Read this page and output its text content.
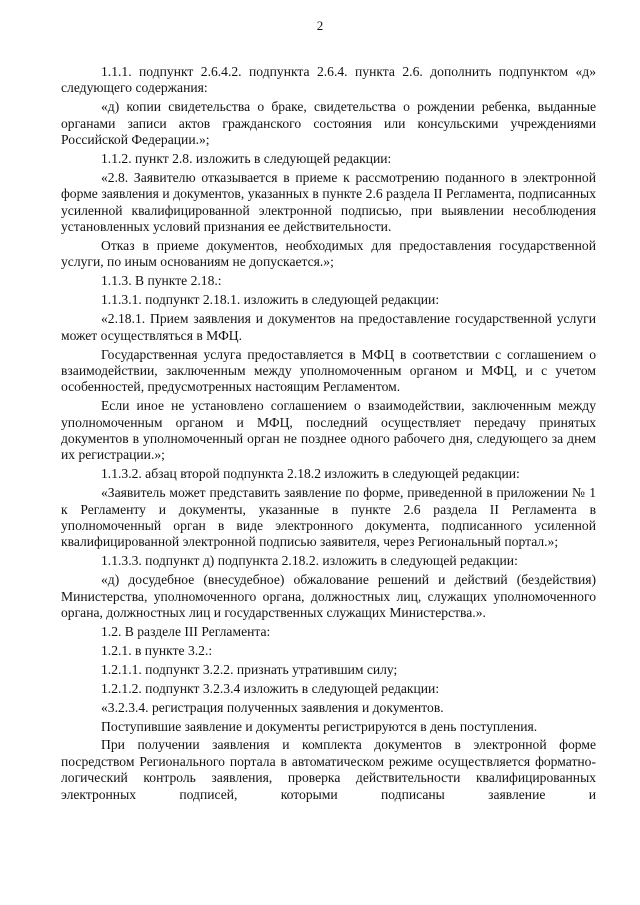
2

1.1.1. подпункт 2.6.4.2. подпункта 2.6.4. пункта 2.6. дополнить подпунктом «д» следующего содержания:

«д) копии свидетельства о браке, свидетельства о рождении ребенка, выданные органами записи актов гражданского состояния или консульскими учреждениями Российской Федерации.»;

1.1.2. пункт 2.8. изложить в следующей редакции:

«2.8. Заявителю отказывается в приеме к рассмотрению поданного в электронной форме заявления и документов, указанных в пункте 2.6 раздела II Регламента, подписанных усиленной квалифицированной электронной подписью, при выявлении несоблюдения установленных условий признания ее действительности.

Отказ в приеме документов, необходимых для предоставления государственной услуги, по иным основаниям не допускается.»;

1.1.3. В пункте 2.18.:

1.1.3.1. подпункт 2.18.1. изложить в следующей редакции:

«2.18.1. Прием заявления и документов на предоставление государственной услуги может осуществляться в МФЦ.

Государственная услуга предоставляется в МФЦ в соответствии с соглашением о взаимодействии, заключенным между уполномоченным органом и МФЦ, и с учетом особенностей, предусмотренных настоящим Регламентом.

Если иное не установлено соглашением о взаимодействии, заключенным между уполномоченным органом и МФЦ, последний осуществляет передачу принятых документов в уполномоченный орган не позднее одного рабочего дня, следующего за днем их регистрации.»;

1.1.3.2. абзац второй подпункта 2.18.2 изложить в следующей редакции:

«Заявитель может представить заявление по форме, приведенной в приложении № 1 к Регламенту и документы, указанные в пункте 2.6 раздела II Регламента в уполномоченный орган в виде электронного документа, подписанного усиленной квалифицированной электронной подписью заявителя, через Региональный портал.»;

1.1.3.3. подпункт д) подпункта 2.18.2. изложить в следующей редакции:

«д) досудебное (внесудебное) обжалование решений и действий (бездействия) Министерства, уполномоченного органа, должностных лиц, служащих уполномоченного органа, должностных лиц и государственных служащих Министерства.».

1.2. В разделе III Регламента:

1.2.1. в пункте 3.2.:

1.2.1.1. подпункт 3.2.2. признать утратившим силу;

1.2.1.2. подпункт 3.2.3.4 изложить в следующей редакции:

«3.2.3.4. регистрация полученных заявления и документов.

Поступившие заявление и документы регистрируются в день поступления.

При получении заявления и комплекта документов в электронной форме посредством Регионального портала в автоматическом режиме осуществляется форматно-логический контроль заявления, проверка действительности квалифицированных электронных подписей, которыми подписаны заявление и
